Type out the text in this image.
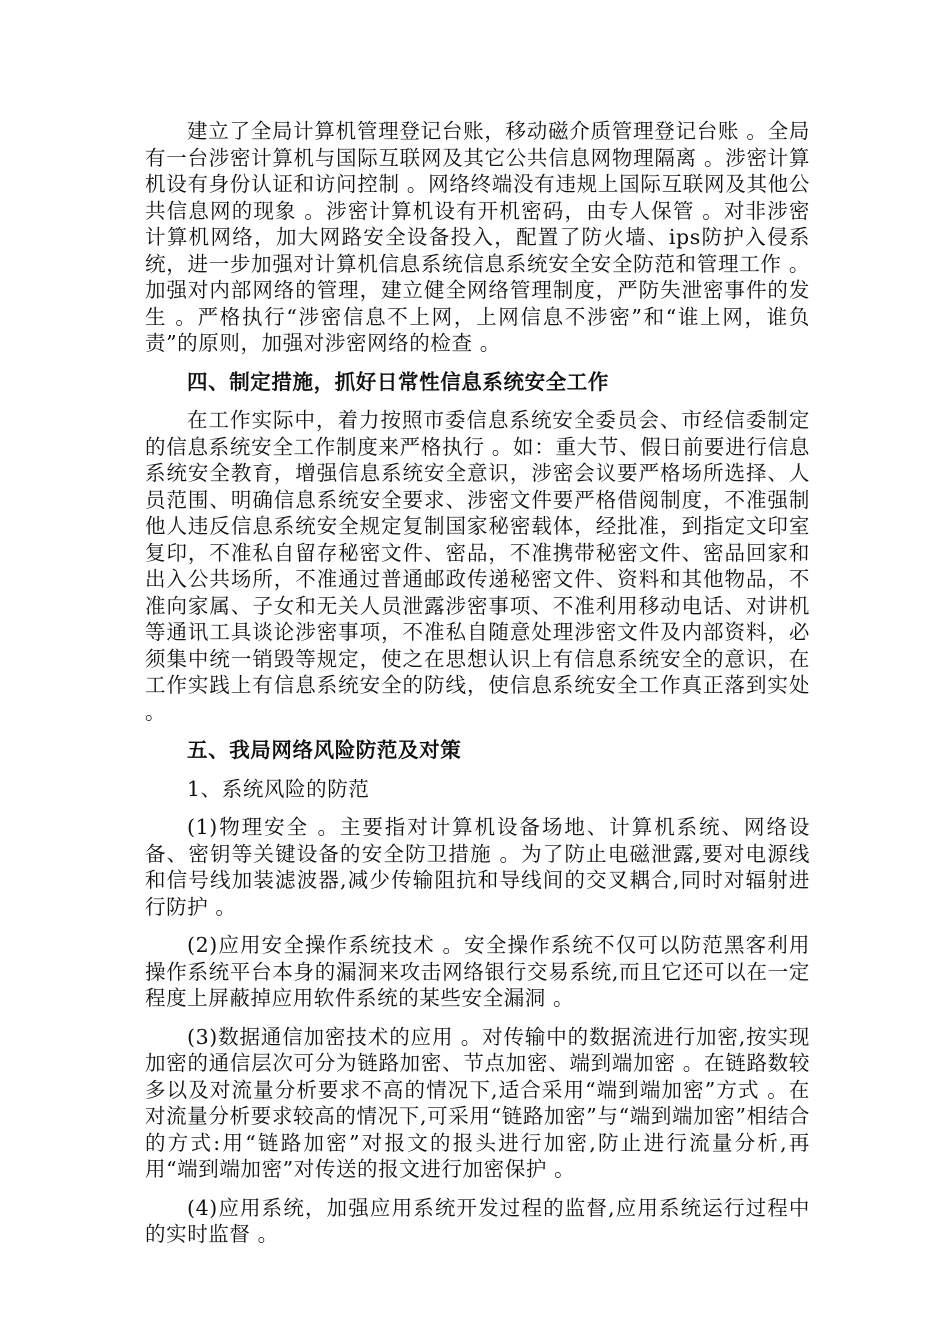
建立了全局计算机管理登记台账，移动磁介质管理登记台账 。全局有一台涉密计算机与国际互联网及其它公共信息网物理隔离 。涉密计算机设有身份认证和访问控制 。网络终端没有违规上国际互联网及其他公共信息网的现象 。涉密计算机设有开机密码，由专人保管 。对非涉密计算机网络，加大网路安全设备投入，配置了防火墙、ips防护入侵系统，进一步加强对计算机信息系统信息系统安全安全防范和管理工作 。加强对内部网络的管理，建立健全网络管理制度，严防失泄密事件的发生 。严格执行“涉密信息不上网，上网信息不涉密”和“谁上网，谁负责”的原则，加强对涉密网络的检查 。

四、制定措施，抓好日常性信息系统安全工作

在工作实际中，着力按照市委信息系统安全委员会、市经信委制定的信息系统安全工作制度来严格执行 。如：重大节、假日前要进行信息系统安全教育，增强信息系统安全意识，涉密会议要严格场所选择、人员范围、明确信息系统安全要求、涉密文件要严格借阅制度，不准强制他人违反信息系统安全规定复制国家秘密载体，经批准，到指定文印室复印，不准私自留存秘密文件、密品，不准携带秘密文件、密品回家和出入公共场所，不准通过普通邮政传递秘密文件、资料和其他物品，不准向家属、子女和无关人员泄露涉密事项、不准利用移动电话、对讲机等通讯工具谈论涉密事项，不准私自随意处理涉密文件及内部资料，必须集中统一销毁等规定，使之在思想认识上有信息系统安全的意识，在工作实践上有信息系统安全的防线，使信息系统安全工作真正落到实处 。

五、我局网络风险防范及对策

1、系统风险的防范

(1)物理安全 。主要指对计算机设备场地、计算机系统、网络设备、密钥等关键设备的安全防卫措施 。为了防止电磁泄露,要对电源线和信号线加装滤波器,减少传输阻抗和导线间的交叉耦合,同时对辐射进行防护 。

(2)应用安全操作系统技术 。安全操作系统不仅可以防范黑客利用操作系统平台本身的漏洞来攻击网络银行交易系统,而且它还可以在一定程度上屏蔽掉应用软件系统的某些安全漏洞 。

(3)数据通信加密技术的应用 。对传输中的数据流进行加密,按实现加密的通信层次可分为链路加密、节点加密、端到端加密 。在链路数较多以及对流量分析要求不高的情况下,适合采用“端到端加密”方式 。在对流量分析要求较高的情况下,可采用“链路加密”与“端到端加密”相结合的方式:用“链路加密”对报文的报头进行加密,防止进行流量分析,再用“端到端加密”对传送的报文进行加密保护 。

(4)应用系统，加强应用系统开发过程的监督,应用系统运行过程中的实时监督 。
